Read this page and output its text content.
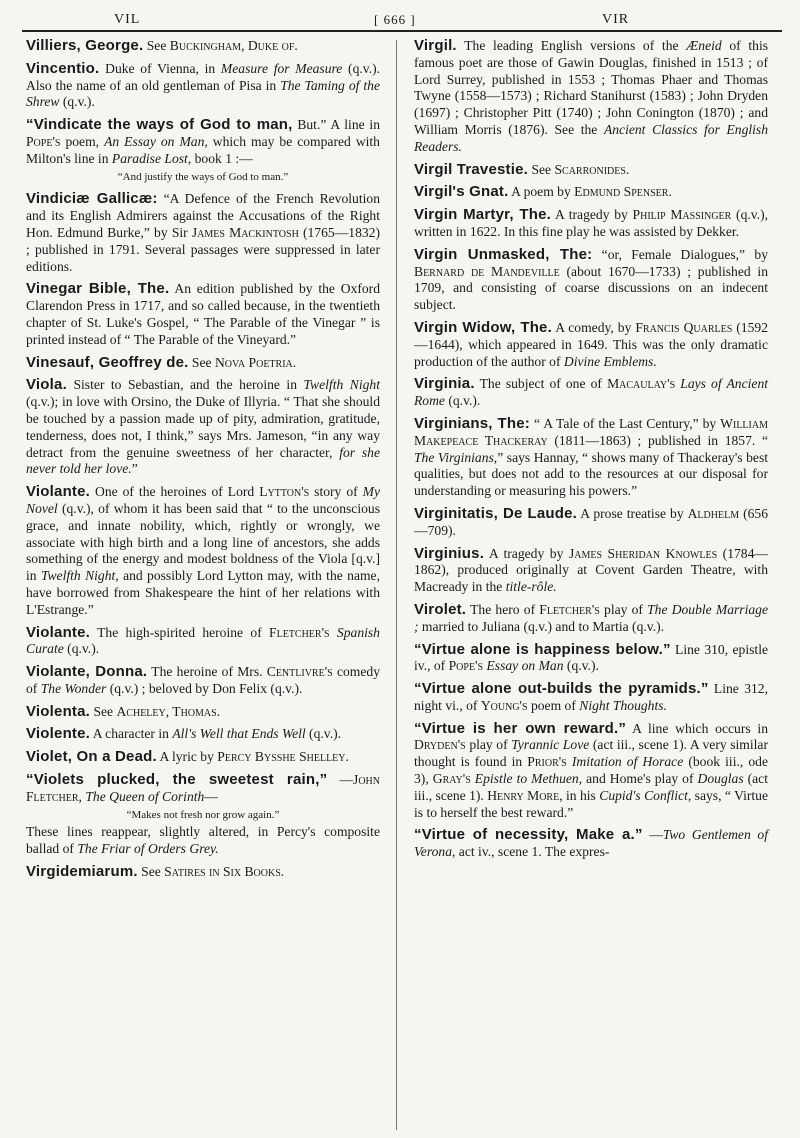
VIL	[ 666 ]	VIR

Villiers, George. See Buckingham, Duke of.

Vincentio. Duke of Vienna, in Measure for Measure (q.v.). Also the name of an old gentleman of Pisa in The Taming of the Shrew (q.v.).

“Vindicate the ways of God to man, But.” A line in Pope's poem, An Essay on Man, which may be compared with Milton's line in Paradise Lost, book 1 :—
“And justify the ways of God to man.”

Vindiciæ Gallicæ: “A Defence of the French Revolution and its English Admirers against the Accusations of the Right Hon. Edmund Burke,” by Sir James Mackintosh (1765—1832) ; published in 1791. Several passages were suppressed in later editions.

Vinegar Bible, The. An edition published by the Oxford Clarendon Press in 1717, and so called because, in the twentieth chapter of St. Luke's Gospel, “ The Parable of the Vinegar ” is printed instead of “ The Parable of the Vineyard.”

Vinesauf, Geoffrey de. See Nova Poetria.

Viola. Sister to Sebastian, and the heroine in Twelfth Night (q.v.); in love with Orsino, the Duke of Illyria. “ That she should be touched by a passion made up of pity, admiration, gratitude, tenderness, does not, I think,” says Mrs. Jameson, “in any way detract from the genuine sweetness of her character, for she never told her love.”

Violante. One of the heroines of Lord Lytton's story of My Novel (q.v.), of whom it has been said that “ to the unconscious grace, and innate nobility, which, rightly or wrongly, we associate with high birth and a long line of ancestors, she adds something of the energy and modest boldness of the Viola [q.v.] in Twelfth Night, and possibly Lord Lytton may, with the name, have borrowed from Shakespeare the hint of her relations with L'Estrange.”

Violante. The high-spirited heroine of Fletcher's Spanish Curate (q.v.).

Violante, Donna. The heroine of Mrs. Centlivre's comedy of The Wonder (q.v.) ; beloved by Don Felix (q.v.).

Violenta. See Acheley, Thomas.

Violente. A character in All's Well that Ends Well (q.v.).

Violet, On a Dead. A lyric by Percy Bysshe Shelley.

“Violets plucked, the sweetest rain,” —John Fletcher, The Queen of Corinth—
“Makes not fresh nor grow again.”
These lines reappear, slightly altered, in Percy's composite ballad of The Friar of Orders Grey.

Virgidemiarum. See Satires in Six Books.

Virgil. The leading English versions of the Æneid of this famous poet are those of Gawin Douglas, finished in 1513 ; of Lord Surrey, published in 1553 ; Thomas Phaer and Thomas Twyne (1558—1573) ; Richard Stanihurst (1583) ; John Dryden (1697) ; Christopher Pitt (1740) ; John Conington (1870) ; and William Morris (1876). See the Ancient Classics for English Readers.

Virgil Travestie. See Scarronides.

Virgil's Gnat. A poem by Edmund Spenser.

Virgin Martyr, The. A tragedy by Philip Massinger (q.v.), written in 1622. In this fine play he was assisted by Dekker.

Virgin Unmasked, The: “or, Female Dialogues,” by Bernard de Mandeville (about 1670—1733) ; published in 1709, and consisting of coarse discussions on an indecent subject.

Virgin Widow, The. A comedy, by Francis Quarles (1592—1644), which appeared in 1649. This was the only dramatic production of the author of Divine Emblems.

Virginia. The subject of one of Macaulay's Lays of Ancient Rome (q.v.).

Virginians, The: “ A Tale of the Last Century,” by William Makepeace Thackeray (1811—1863) ; published in 1857. “ The Virginians,” says Hannay, “ shows many of Thackeray's best qualities, but does not add to the resources at our disposal for understanding or measuring his powers.”

Virginitatis, De Laude. A prose treatise by Aldhelm (656—709).

Virginius. A tragedy by James Sheridan Knowles (1784—1862), produced originally at Covent Garden Theatre, with Macready in the title-rôle.

Virolet. The hero of Fletcher's play of The Double Marriage ; married to Juliana (q.v.) and to Martia (q.v.).

“Virtue alone is happiness below.” Line 310, epistle iv., of Pope's Essay on Man (q.v.).

“Virtue alone out-builds the pyramids.” Line 312, night vi., of Young's poem of Night Thoughts.

“Virtue is her own reward.” A line which occurs in Dryden's play of Tyrannic Love (act iii., scene 1). A very similar thought is found in Prior's Imitation of Horace (book iii., ode 3), Gray's Epistle to Methuen, and Home's play of Douglas (act iii., scene 1). Henry More, in his Cupid's Conflict, says, “ Virtue is to herself the best reward.”

“Virtue of necessity, Make a.” —Two Gentlemen of Verona, act iv., scene 1. The expres-
